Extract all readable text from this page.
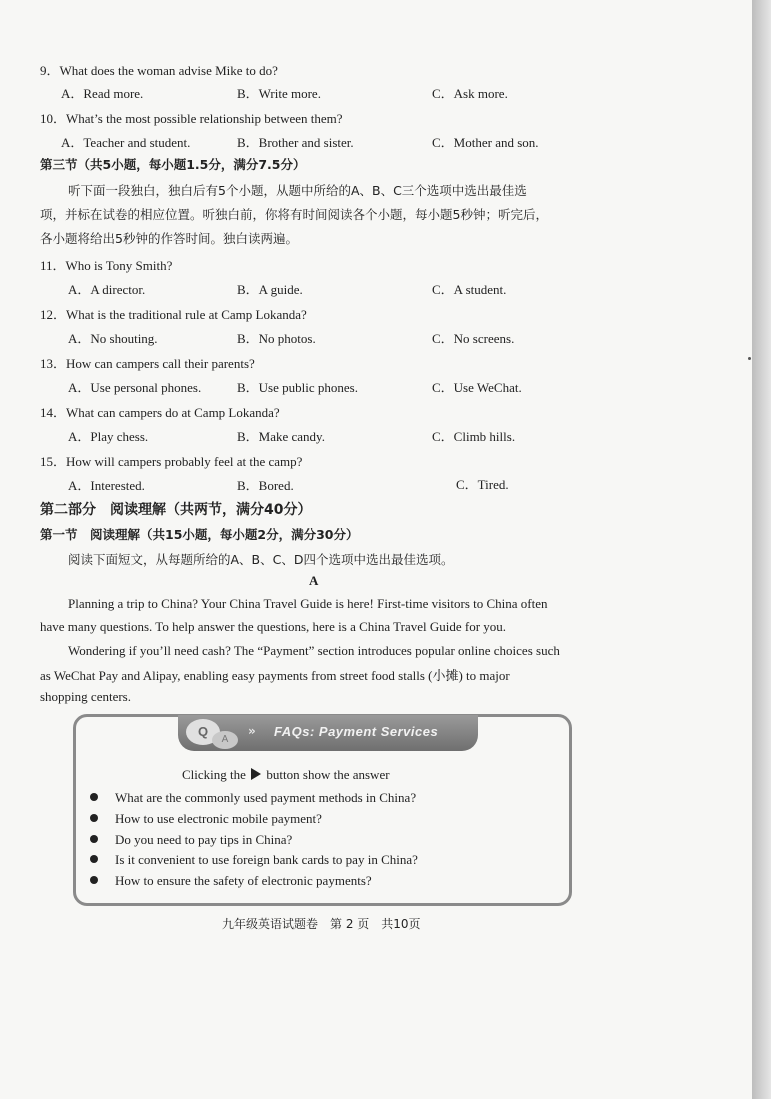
9．What does the woman advise Mike to do?
A．Read more.	B．Write more.	C．Ask more.
10．What’s the most possible relationship between them?
A．Teacher and student.	B．Brother and sister.	C．Mother and son.
第三节（共5小题，每小题1.5分，满分7.5分）
听下面一段独白，独白后有5个小题，从题中所给的A、B、C三个选项中选出最佳选
项，并标在试卷的相应位置。听独白前，你将有时间阅读各个小题，每小题5秒钟；听完后，
各小题将给出5秒钟的作答时间。独白读两遍。
11．Who is Tony Smith?
A．A director.	B．A guide.	C．A student.
12．What is the traditional rule at Camp Lokanda?
A．No shouting.	B．No photos.	C．No screens.
13．How can campers call their parents?
A．Use personal phones.	B．Use public phones.	C．Use WeChat.
14．What can campers do at Camp Lokanda?
A．Play chess.	B．Make candy.	C．Climb hills.
15．How will campers probably feel at the camp?
A．Interested.	B．Bored.	C．Tired.
第二部分　阅读理解（共两节，满分40分）
第一节　阅读理解（共15小题，每小题2分，满分30分）
阅读下面短文，从每题所给的A、B、C、D四个选项中选出最佳选项。
A
Planning a trip to China? Your China Travel Guide is here! First-time visitors to China often
have many questions. To help answer the questions, here is a China Travel Guide for you.
Wondering if you’ll need cash? The “Payment” section introduces popular online choices such
as WeChat Pay and Alipay, enabling easy payments from street food stalls (小摊) to major
shopping centers.
Q
A
» FAQs: Payment Services
Clicking the button show the answer
What are the commonly used payment methods in China?
How to use electronic mobile payment?
Do you need to pay tips in China?
Is it convenient to use foreign bank cards to pay in China?
How to ensure the safety of electronic payments?
九年级英语试题卷　第 2 页　共10页
